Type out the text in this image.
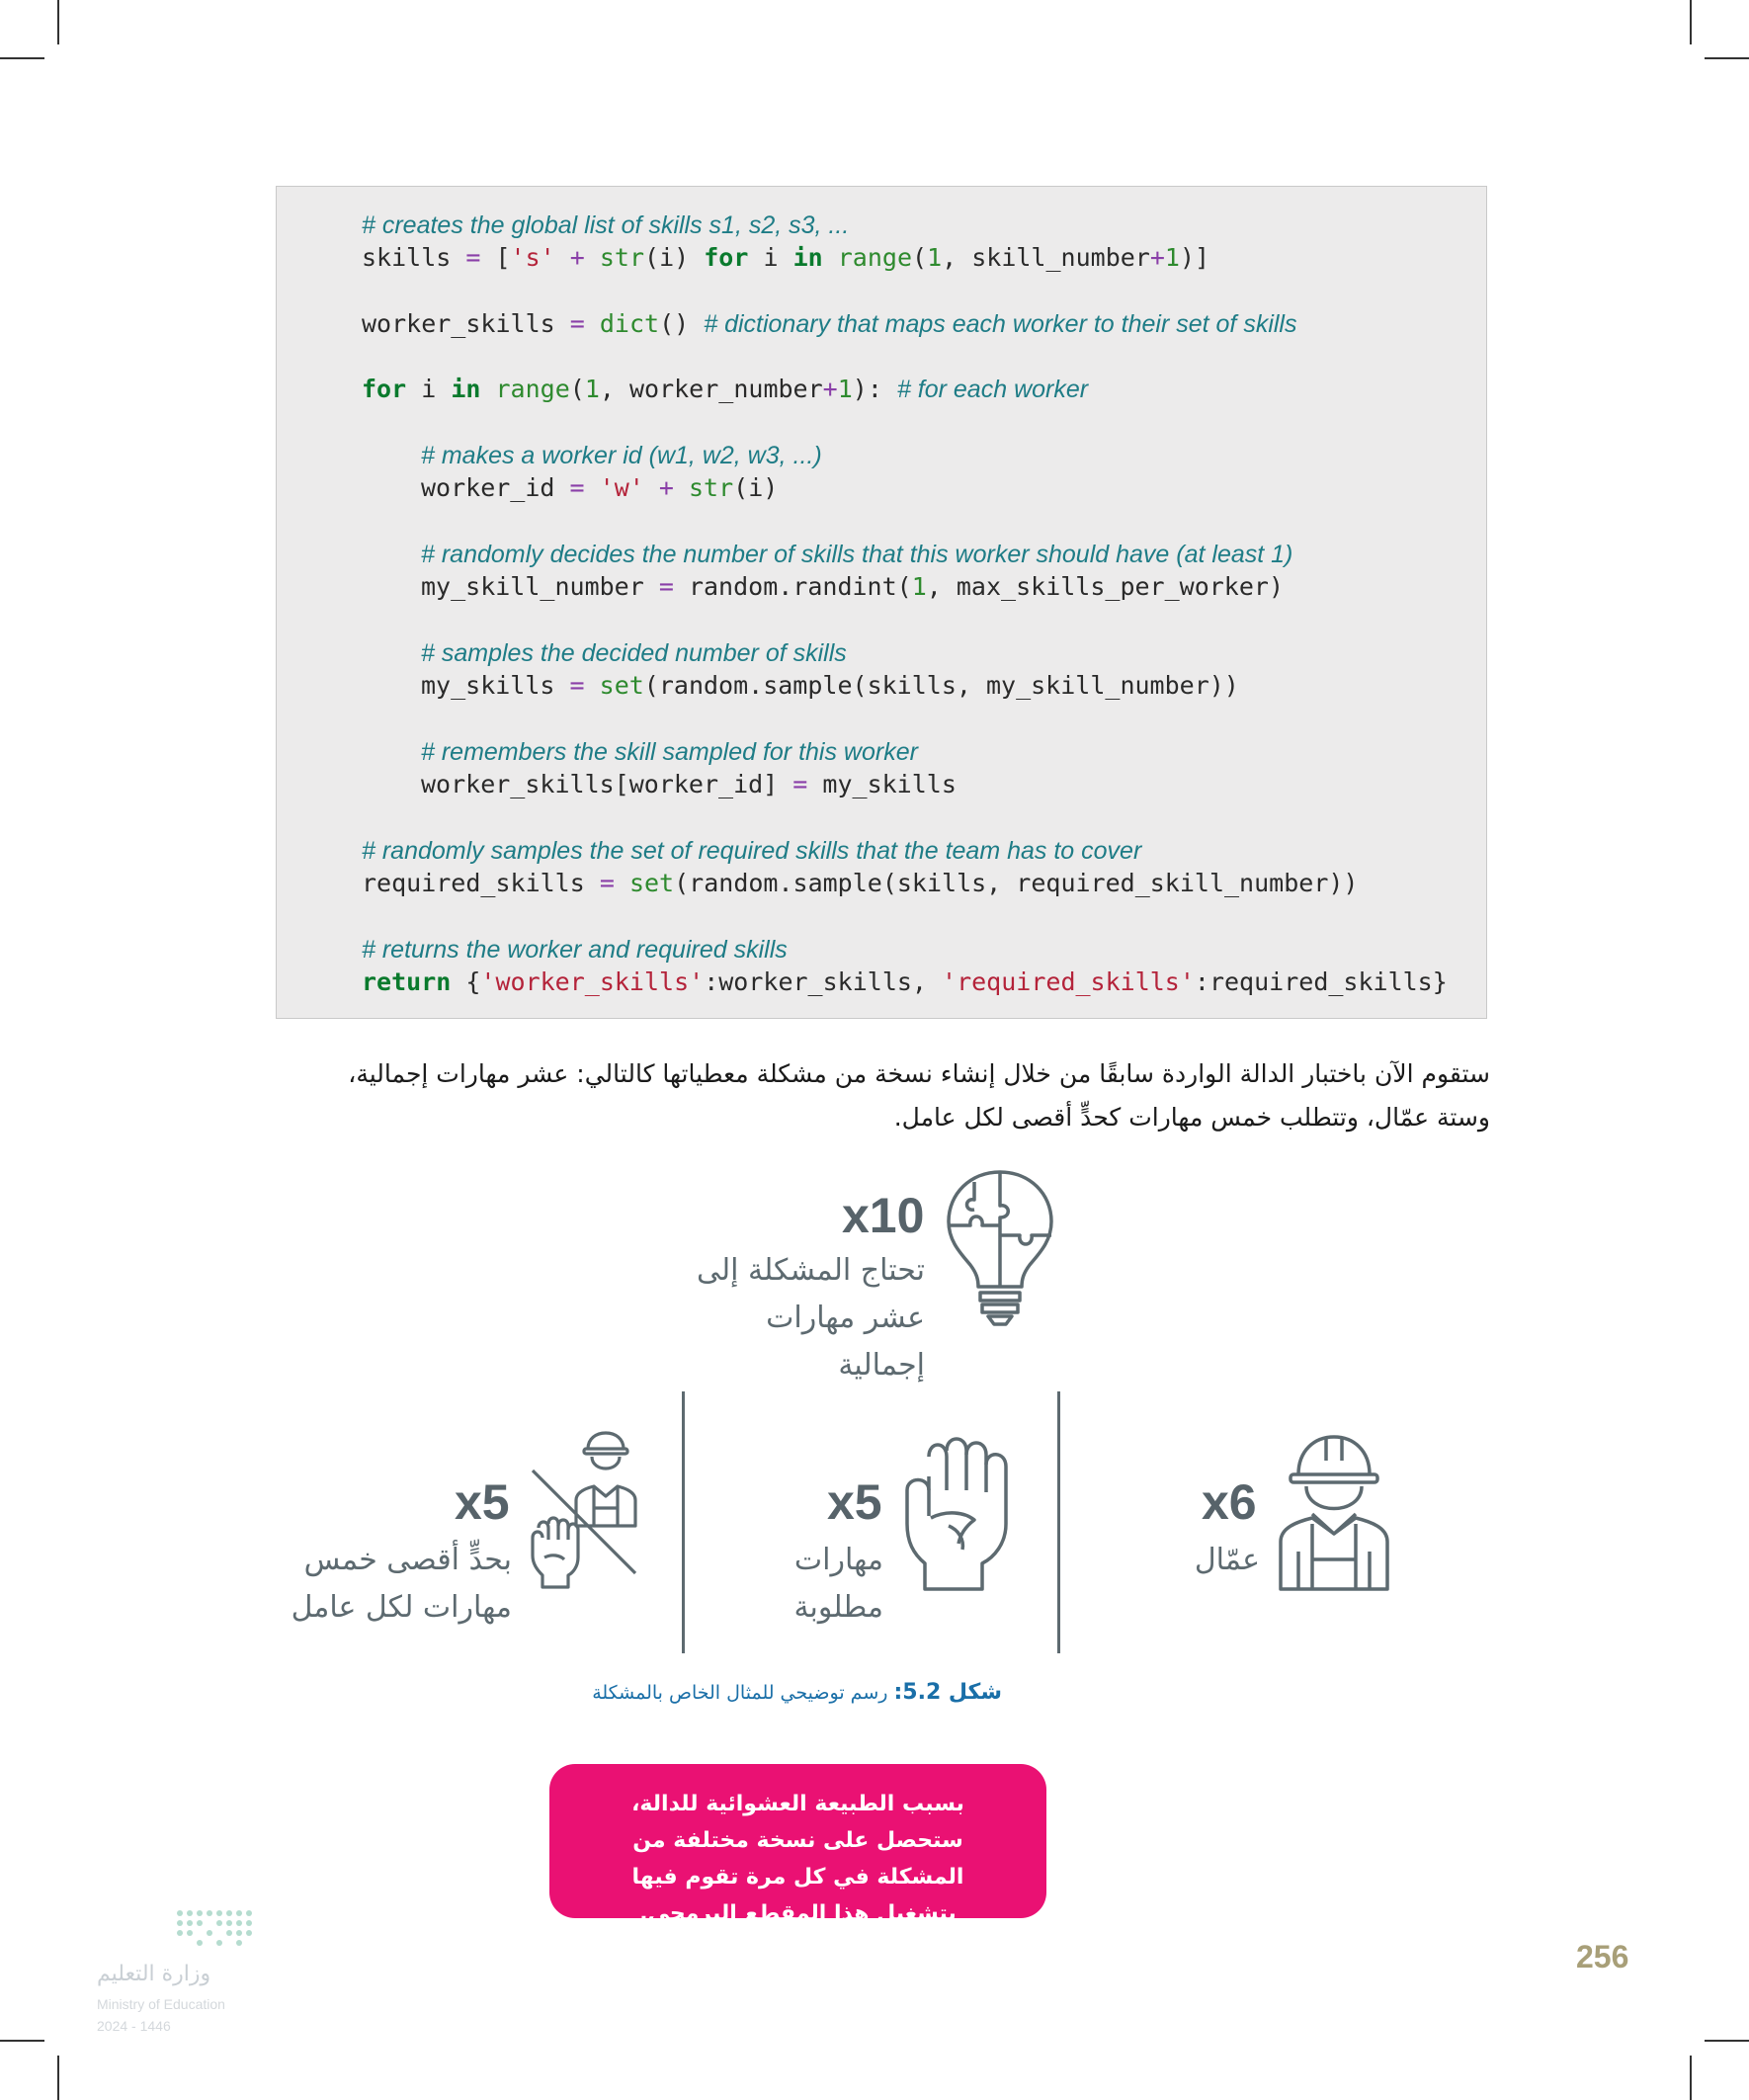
# creates the global list of skills s1, s2, s3, ...
skills = ['s' + str(i) for i in range(1, skill_number+1)]
worker_skills = dict() # dictionary that maps each worker to their set of skills
for i in range(1, worker_number+1): # for each worker
# makes a worker id (w1, w2, w3, ...)
worker_id = 'w' + str(i)
# randomly decides the number of skills that this worker should have (at least 1)
my_skill_number = random.randint(1, max_skills_per_worker)
# samples the decided number of skills
my_skills = set(random.sample(skills, my_skill_number))
# remembers the skill sampled for this worker
worker_skills[worker_id] = my_skills
# randomly samples the set of required skills that the team has to cover
required_skills = set(random.sample(skills, required_skill_number))
# returns the worker and required skills
return {'worker_skills':worker_skills, 'required_skills':required_skills}
ستقوم الآن باختبار الدالة الواردة سابقًا من خلال إنشاء نسخة من مشكلة معطياتها كالتالي: عشر مهارات إجمالية،
وستة عمّال، وتتطلب خمس مهارات كحدٍّ أقصى لكل عامل.
x10
تحتاج المشكلة إلى
عشر مهارات
إجمالية
x6
عمّال
x5
مهارات
مطلوبة
x5
بحدٍّ أقصى خمس
مهارات لكل عامل
شكل 5.2: رسم توضيحي للمثال الخاص بالمشكلة
بسبب الطبيعة العشوائية للدالة، ستحصل على نسخة مختلفة من المشكلة في كل مرة تقوم فيها بتشغيل هذا المقطع البرمجي.
256
وزارة التعليم
Ministry of Education
2024 - 1446
